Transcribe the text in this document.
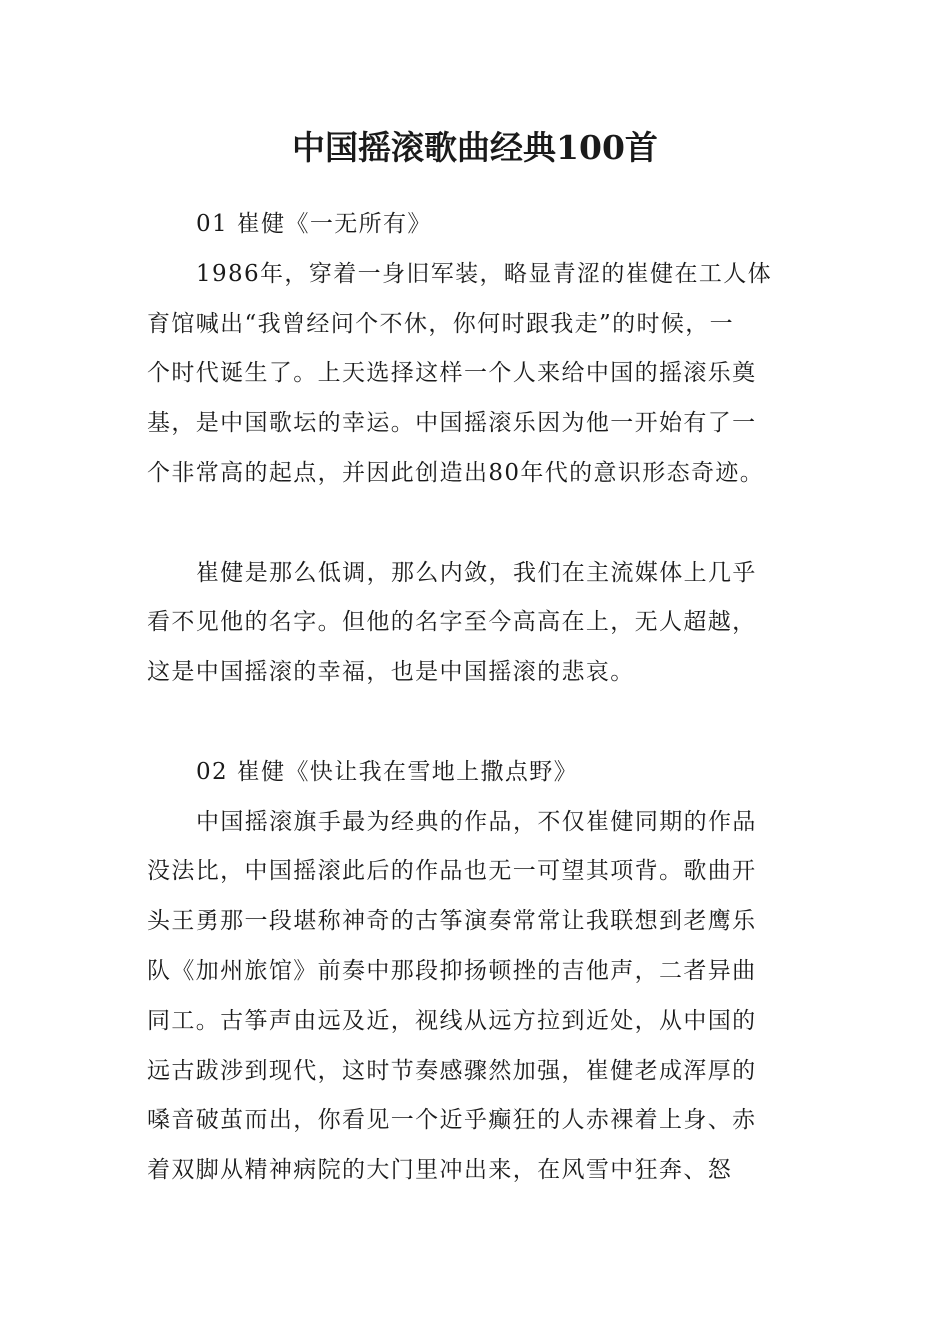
中国摇滚歌曲经典100首
01 崔健《一无所有》
1986年，穿着一身旧军装，略显青涩的崔健在工人体
育馆喊出“我曾经问个不休，你何时跟我走”的时候，一
个时代诞生了。上天选择这样一个人来给中国的摇滚乐奠
基，是中国歌坛的幸运。中国摇滚乐因为他一开始有了一
个非常高的起点，并因此创造出80年代的意识形态奇迹。
崔健是那么低调，那么内敛，我们在主流媒体上几乎
看不见他的名字。但他的名字至今高高在上，无人超越，
这是中国摇滚的幸福，也是中国摇滚的悲哀。
02 崔健《快让我在雪地上撒点野》
中国摇滚旗手最为经典的作品，不仅崔健同期的作品
没法比，中国摇滚此后的作品也无一可望其项背。歌曲开
头王勇那一段堪称神奇的古筝演奏常常让我联想到老鹰乐
队《加州旅馆》前奏中那段抑扬顿挫的吉他声，二者异曲
同工。古筝声由远及近，视线从远方拉到近处，从中国的
远古跋涉到现代，这时节奏感骤然加强，崔健老成浑厚的
嗓音破茧而出，你看见一个近乎癫狂的人赤裸着上身、赤
着双脚从精神病院的大门里冲出来，在风雪中狂奔、怒
